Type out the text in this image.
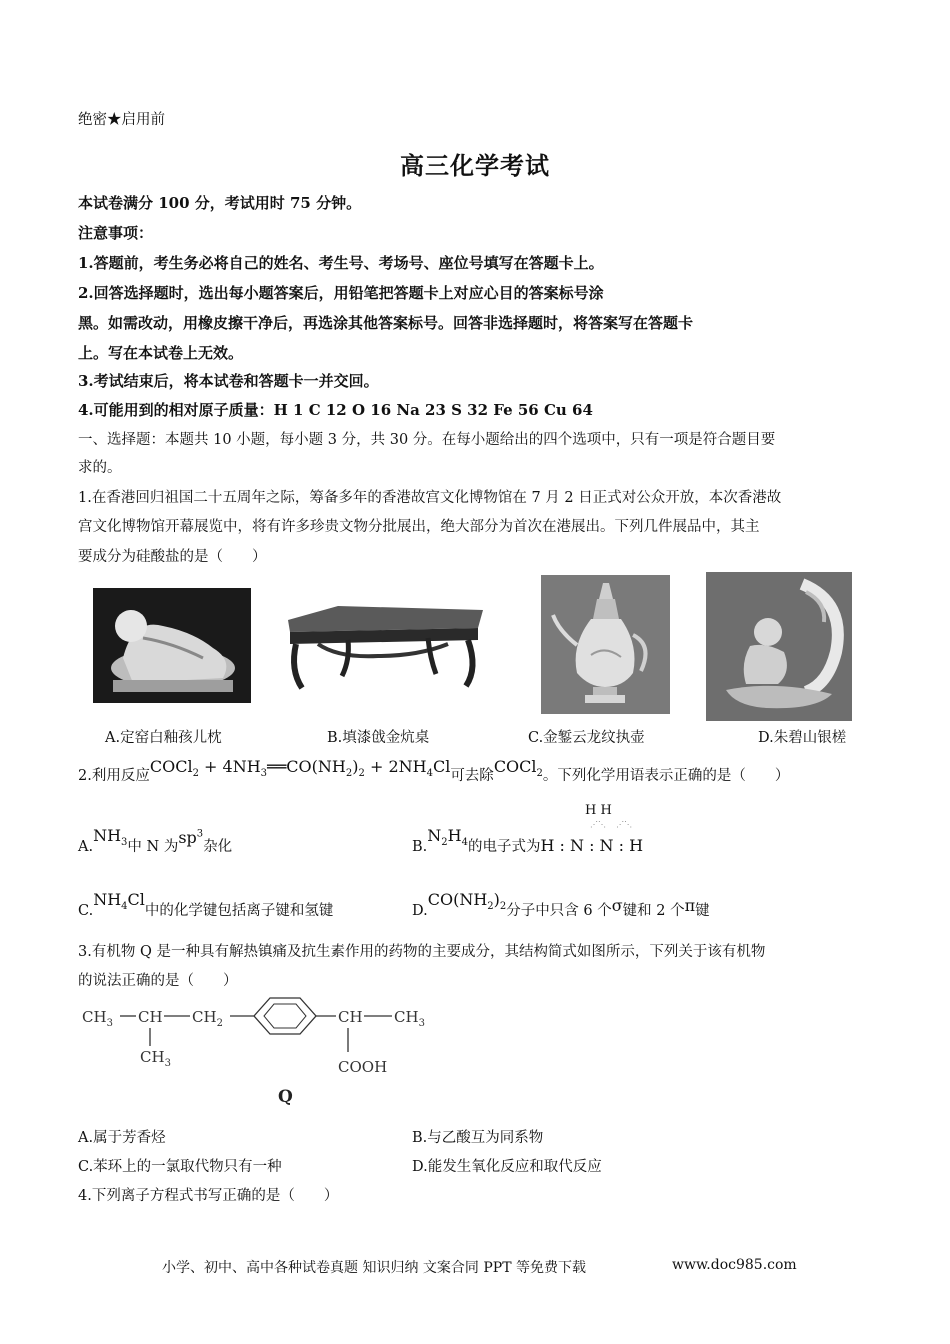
绝密★启用前
高三化学考试
本试卷满分 100 分，考试用时 75 分钟。
注意事项：
1.答题前，考生务必将自己的姓名、考生号、考场号、座位号填写在答题卡上。
2.回答选择题时，选出每小题答案后，用铅笔把答题卡上对应心目的答案标号涂
黑。如需改动，用橡皮擦干净后，再选涂其他答案标号。回答非选择题时，将答案写在答题卡
上。写在本试卷上无效。
3.考试结束后，将本试卷和答题卡一并交回。
4.可能用到的相对原子质量：H 1 C 12 O 16 Na 23 S 32 Fe 56 Cu 64
一、选择题：本题共 10 小题，每小题 3 分，共 30 分。在每小题给出的四个选项中，只有一项是符合题目要
求的。
1.在香港回归祖国二十五周年之际，筹备多年的香港故宫文化博物馆在 7 月 2 日正式对公众开放，本次香港故
宫文化博物馆开幕展览中，将有许多珍贵文物分批展出，绝大部分为首次在港展出。下列几件展品中，其主
要成分为硅酸盐的是（　　）
A.定窑白釉孩儿枕	B.填漆戗金炕桌	C.金錾云龙纹执壶	D.朱碧山银槎
2.利用反应COCl$_2$ + $4NH_3══CO(NH_2)_2 + 2NH_4Cl$可去除COCl$_2$。下列化学用语表示正确的是（　　）
$A.NH_3$中 N 为$sp^3$杂化	$B.N_2H_4$的电子式为H : N : N : H
H H
⋰⋱    ⋰⋱
$C.NH_4Cl$中的化学键包括离子键和氢键	$D.CO(NH_2)_2$分子中只含 6 个σ键和 2 个π键
3.有机物 Q 是一种具有解热镇痛及抗生素作用的药物的主要成分，其结构简式如图所示，下列关于该有机物
的说法正确的是（　　）
$CH_3$ CH $CH_2$
$CH_3$
CH $CH_3$
COOH
Q
A.属于芳香烃	B.与乙酸互为同系物
C.苯环上的一氯取代物只有一种	D.能发生氧化反应和取代反应
4.下列离子方程式书写正确的是（　　）
小学、初中、高中各种试卷真题 知识归纳 文案合同 PPT 等免费下载	www.doc985.com
